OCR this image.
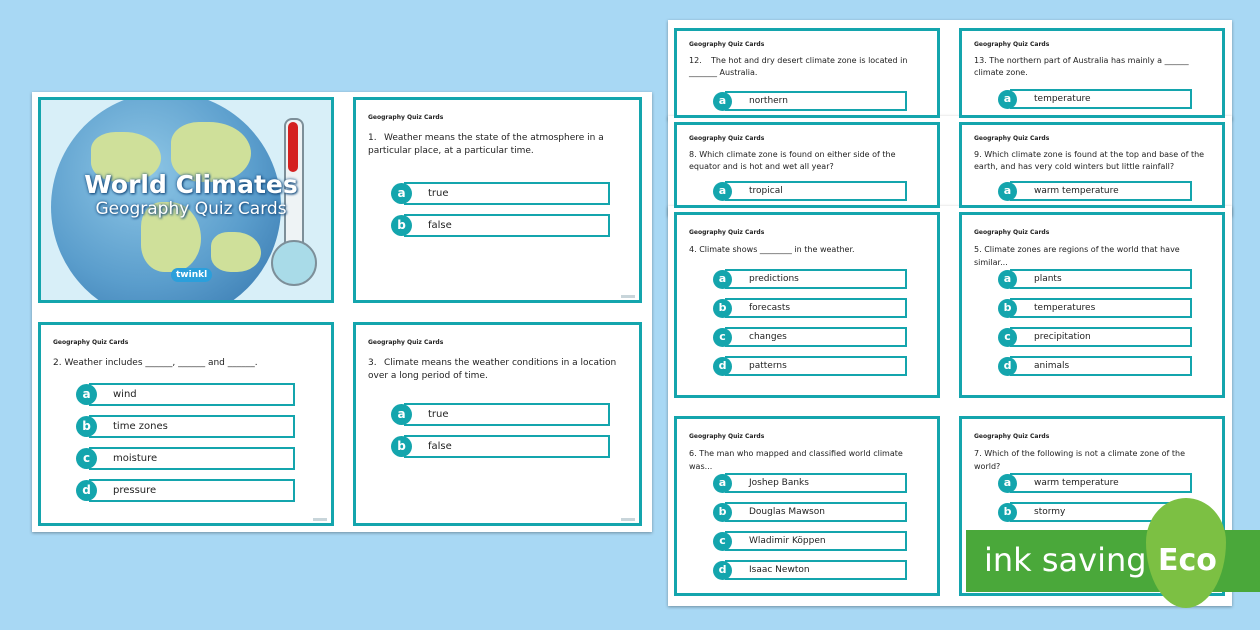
World Climates
Geography Quiz Cards
twinkl
Geography Quiz Cards
1. Weather means the state of the atmosphere in a particular place, at a particular time.
a	true
b	false
Geography Quiz Cards
2. Weather includes ______, ______ and ______.
a	wind
b	time zones
c	moisture
d	pressure
Geography Quiz Cards
3. Climate means the weather conditions in a location over a long period of time.
a	true
b	false
Geography Quiz Cards
12. The hot and dry desert climate zone is located in _______ Australia.
a	northern
Geography Quiz Cards
13. The northern part of Australia has mainly a ______ climate zone.
a	temperature
Geography Quiz Cards
8. Which climate zone is found on either side of the equator and is hot and wet all year?
a	tropical
Geography Quiz Cards
9. Which climate zone is found at the top and base of the earth, and has very cold winters but little rainfall?
a	warm temperature
Geography Quiz Cards
4. Climate shows ________ in the weather.
a	predictions
b	forecasts
c	changes
d	patterns
Geography Quiz Cards
5. Climate zones are regions of the world that have similar...
a	plants
b	temperatures
c	precipitation
d	animals
Geography Quiz Cards
6. The man who mapped and classified world climate was...
a	Joshep Banks
b	Douglas Mawson
c	Wladimir Köppen
d	Isaac Newton
Geography Quiz Cards
7. Which of the following is not a climate zone of the world?
a	warm temperature
b	stormy
ink saving Eco
